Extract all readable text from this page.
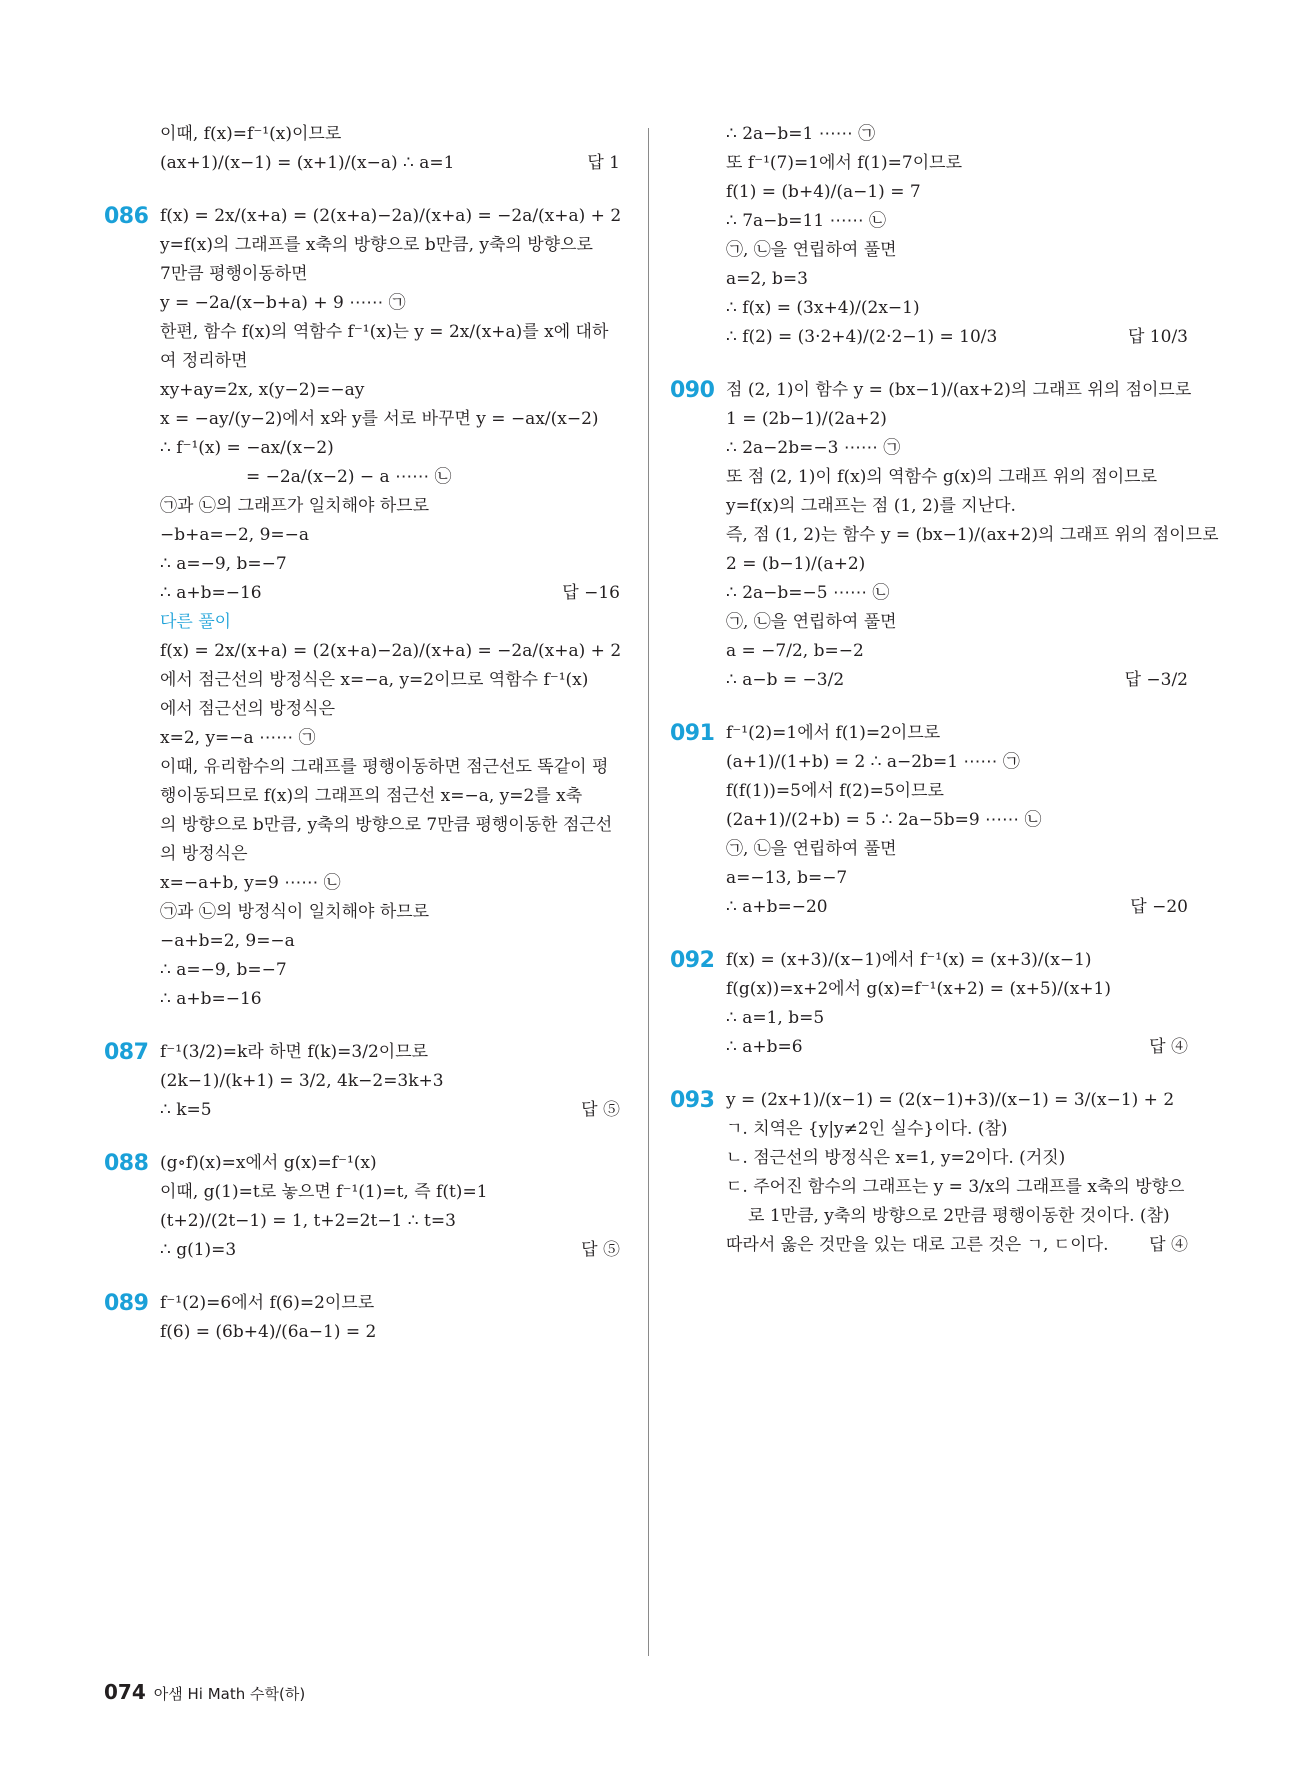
이때, f(x)=f⁻¹(x)이므로
(ax+1)/(x−1) = (x+1)/(x−a) ∴ a=1	답 1
086 f(x) = 2x/(x+a) = (2(x+a)−2a)/(x+a) = −2a/(x+a) + 2
y=f(x)의 그래프를 x축의 방향으로 b만큼, y축의 방향으로
7만큼 평행이동하면
y = −2a/(x−b+a) + 9 ⋯⋯ ㉠
한편, 함수 f(x)의 역함수 f⁻¹(x)는 y = 2x/(x+a)를 x에 대하
여 정리하면
xy+ay=2x, x(y−2)=−ay
x = −ay/(y−2)에서 x와 y를 서로 바꾸면 y = −ax/(x−2)
∴ f⁻¹(x) = −ax/(x−2)
= −2a/(x−2) − a ⋯⋯ ㉡
㉠과 ㉡의 그래프가 일치해야 하므로
−b+a=−2, 9=−a
∴ a=−9, b=−7
∴ a+b=−16	답 −16
다른 풀이
f(x) = 2x/(x+a) = (2(x+a)−2a)/(x+a) = −2a/(x+a) + 2
에서 점근선의 방정식은 x=−a, y=2이므로 역함수 f⁻¹(x)
에서 점근선의 방정식은
x=2, y=−a ⋯⋯ ㉠
이때, 유리함수의 그래프를 평행이동하면 점근선도 똑같이 평
행이동되므로 f(x)의 그래프의 점근선 x=−a, y=2를 x축
의 방향으로 b만큼, y축의 방향으로 7만큼 평행이동한 점근선
의 방정식은
x=−a+b, y=9 ⋯⋯ ㉡
㉠과 ㉡의 방정식이 일치해야 하므로
−a+b=2, 9=−a
∴ a=−9, b=−7
∴ a+b=−16
087 f⁻¹(3/2)=k라 하면 f(k)=3/2이므로
(2k−1)/(k+1) = 3/2, 4k−2=3k+3
∴ k=5	답 ⑤
088 (g∘f)(x)=x에서 g(x)=f⁻¹(x)
이때, g(1)=t로 놓으면 f⁻¹(1)=t, 즉 f(t)=1
(t+2)/(2t−1) = 1, t+2=2t−1 ∴ t=3
∴ g(1)=3	답 ⑤
089 f⁻¹(2)=6에서 f(6)=2이므로
f(6) = (6b+4)/(6a−1) = 2
∴ 2a−b=1 ⋯⋯ ㉠
또 f⁻¹(7)=1에서 f(1)=7이므로
f(1) = (b+4)/(a−1) = 7
∴ 7a−b=11 ⋯⋯ ㉡
㉠, ㉡을 연립하여 풀면
a=2, b=3
∴ f(x) = (3x+4)/(2x−1)
∴ f(2) = (3·2+4)/(2·2−1) = 10/3	답 10/3
090 점 (2, 1)이 함수 y = (bx−1)/(ax+2)의 그래프 위의 점이므로
1 = (2b−1)/(2a+2)
∴ 2a−2b=−3 ⋯⋯ ㉠
또 점 (2, 1)이 f(x)의 역함수 g(x)의 그래프 위의 점이므로
y=f(x)의 그래프는 점 (1, 2)를 지난다.
즉, 점 (1, 2)는 함수 y = (bx−1)/(ax+2)의 그래프 위의 점이므로
2 = (b−1)/(a+2)
∴ 2a−b=−5 ⋯⋯ ㉡
㉠, ㉡을 연립하여 풀면
a = −7/2, b=−2
∴ a−b = −3/2	답 −3/2
091 f⁻¹(2)=1에서 f(1)=2이므로
(a+1)/(1+b) = 2 ∴ a−2b=1 ⋯⋯ ㉠
f(f(1))=5에서 f(2)=5이므로
(2a+1)/(2+b) = 5 ∴ 2a−5b=9 ⋯⋯ ㉡
㉠, ㉡을 연립하여 풀면
a=−13, b=−7
∴ a+b=−20	답 −20
092 f(x) = (x+3)/(x−1)에서 f⁻¹(x) = (x+3)/(x−1)
f(g(x))=x+2에서 g(x)=f⁻¹(x+2) = (x+5)/(x+1)
∴ a=1, b=5
∴ a+b=6	답 ④
093 y = (2x+1)/(x−1) = (2(x−1)+3)/(x−1) = 3/(x−1) + 2
ㄱ. 치역은 {y|y≠2인 실수}이다. (참)
ㄴ. 점근선의 방정식은 x=1, y=2이다. (거짓)
ㄷ. 주어진 함수의 그래프는 y = 3/x의 그래프를 x축의 방향으
로 1만큼, y축의 방향으로 2만큼 평행이동한 것이다. (참)
따라서 옳은 것만을 있는 대로 고른 것은 ㄱ, ㄷ이다. 답 ④
074 아샘 Hi Math 수학(하)
